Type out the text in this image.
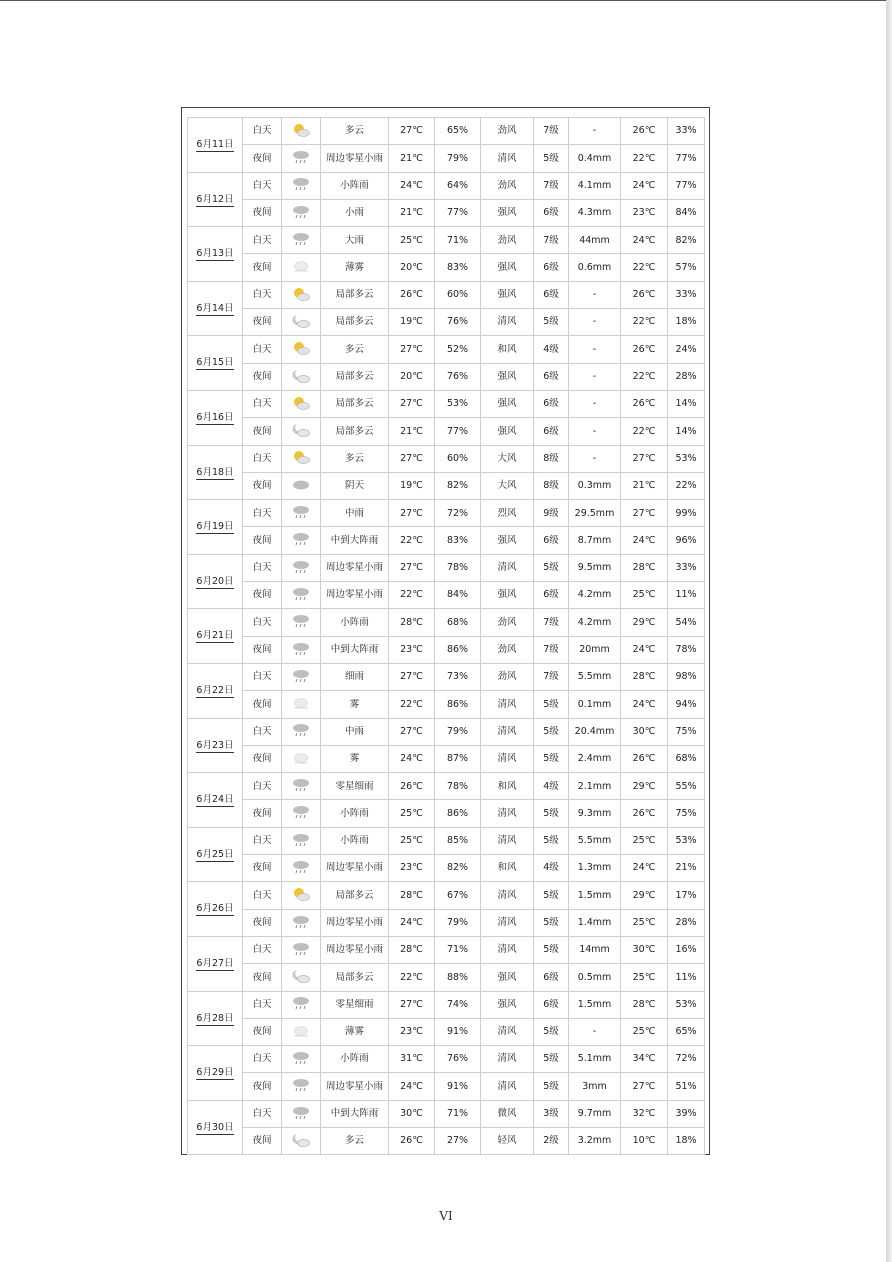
6月11日	白天		多云	27℃	65%	劲风	7级	-	26℃	33%
	夜间		周边零星小雨	21℃	79%	清风	5级	0.4mm	22℃	77%
6月12日	白天		小阵雨	24℃	64%	劲风	7级	4.1mm	24℃	77%
	夜间		小雨	21℃	77%	强风	6级	4.3mm	23℃	84%
6月13日	白天		大雨	25℃	71%	劲风	7级	44mm	24℃	82%
	夜间		薄雾	20℃	83%	强风	6级	0.6mm	22℃	57%
6月14日	白天		局部多云	26℃	60%	强风	6级	-	26℃	33%
	夜间		局部多云	19℃	76%	清风	5级	-	22℃	18%
6月15日	白天		多云	27℃	52%	和风	4级	-	26℃	24%
	夜间		局部多云	20℃	76%	强风	6级	-	22℃	28%
6月16日	白天		局部多云	27℃	53%	强风	6级	-	26℃	14%
	夜间		局部多云	21℃	77%	强风	6级	-	22℃	14%
6月18日	白天		多云	27℃	60%	大风	8级	-	27℃	53%
	夜间		阴天	19℃	82%	大风	8级	0.3mm	21℃	22%
6月19日	白天		中雨	27℃	72%	烈风	9级	29.5mm	27℃	99%
	夜间		中到大阵雨	22℃	83%	强风	6级	8.7mm	24℃	96%
6月20日	白天		周边零星小雨	27℃	78%	清风	5级	9.5mm	28℃	33%
	夜间		周边零星小雨	22℃	84%	强风	6级	4.2mm	25℃	11%
6月21日	白天		小阵雨	28℃	68%	劲风	7级	4.2mm	29℃	54%
	夜间		中到大阵雨	23℃	86%	劲风	7级	20mm	24℃	78%
6月22日	白天		细雨	27℃	73%	劲风	7级	5.5mm	28℃	98%
	夜间		雾	22℃	86%	清风	5级	0.1mm	24℃	94%
6月23日	白天		中雨	27℃	79%	清风	5级	20.4mm	30℃	75%
	夜间		雾	24℃	87%	清风	5级	2.4mm	26℃	68%
6月24日	白天		零星细雨	26℃	78%	和风	4级	2.1mm	29℃	55%
	夜间		小阵雨	25℃	86%	清风	5级	9.3mm	26℃	75%
6月25日	白天		小阵雨	25℃	85%	清风	5级	5.5mm	25℃	53%
	夜间		周边零星小雨	23℃	82%	和风	4级	1.3mm	24℃	21%
6月26日	白天		局部多云	28℃	67%	清风	5级	1.5mm	29℃	17%
	夜间		周边零星小雨	24℃	79%	清风	5级	1.4mm	25℃	28%
6月27日	白天		周边零星小雨	28℃	71%	清风	5级	14mm	30℃	16%
	夜间		局部多云	22℃	88%	强风	6级	0.5mm	25℃	11%
6月28日	白天		零星细雨	27℃	74%	强风	6级	1.5mm	28℃	53%
	夜间		薄雾	23℃	91%	清风	5级	-	25℃	65%
6月29日	白天		小阵雨	31℃	76%	清风	5级	5.1mm	34℃	72%
	夜间		周边零星小雨	24℃	91%	清风	5级	3mm	27℃	51%
6月30日	白天		中到大阵雨	30℃	71%	微风	3级	9.7mm	32℃	39%
	夜间		多云	26℃	27%	轻风	2级	3.2mm	10℃	18%
VI
